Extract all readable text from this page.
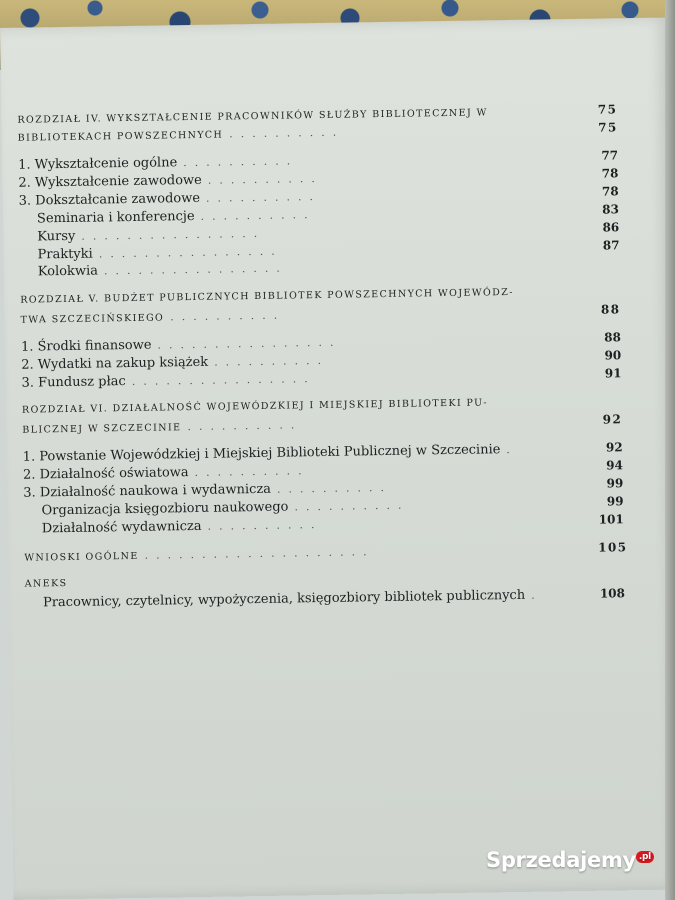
ROZDZIAŁ IV. WYKSZTAŁCENIE PRACOWNIKÓW SŁUŻBY BIBLIOTECZNEJ W	75
BIBLIOTEKACH POWSZECHNYCH ..........	75
1. Wykształcenie ogólne ..........	77
2. Wykształcenie zawodowe ..........	78
3. Dokształcanie zawodowe ..........	78
Seminaria i konferencje ..........	83
Kursy ................	86
Praktyki ................	87
Kolokwia ................
ROZDZIAŁ V. BUDŻET PUBLICZNYCH BIBLIOTEK POWSZECHNYCH WOJEWÓDZ-
TWA SZCZECIŃSKIEGO ..........	88
1. Środki finansowe ................	88
2. Wydatki na zakup książek ..........	90
3. Fundusz płac ................	91
ROZDZIAŁ VI. DZIAŁALNOŚĆ WOJEWÓDZKIEJ I MIEJSKIEJ BIBLIOTEKI PU-
BLICZNEJ W SZCZECINIE ..........	92
1. Powstanie Wojewódzkiej i Miejskiej Biblioteki Publicznej w Szczecinie .	92
2. Działalność oświatowa ..........	94
3. Działalność naukowa i wydawnicza ..........	99
Organizacja księgozbioru naukowego ..........	99
Działalność wydawnicza ..........	101
WNIOSKI OGÓLNE ....................	105
ANEKS
Pracownicy, czytelnicy, wypożyczenia, księgozbiory bibliotek publicznych .	108
Sprzedajemy $^{.pl}$
